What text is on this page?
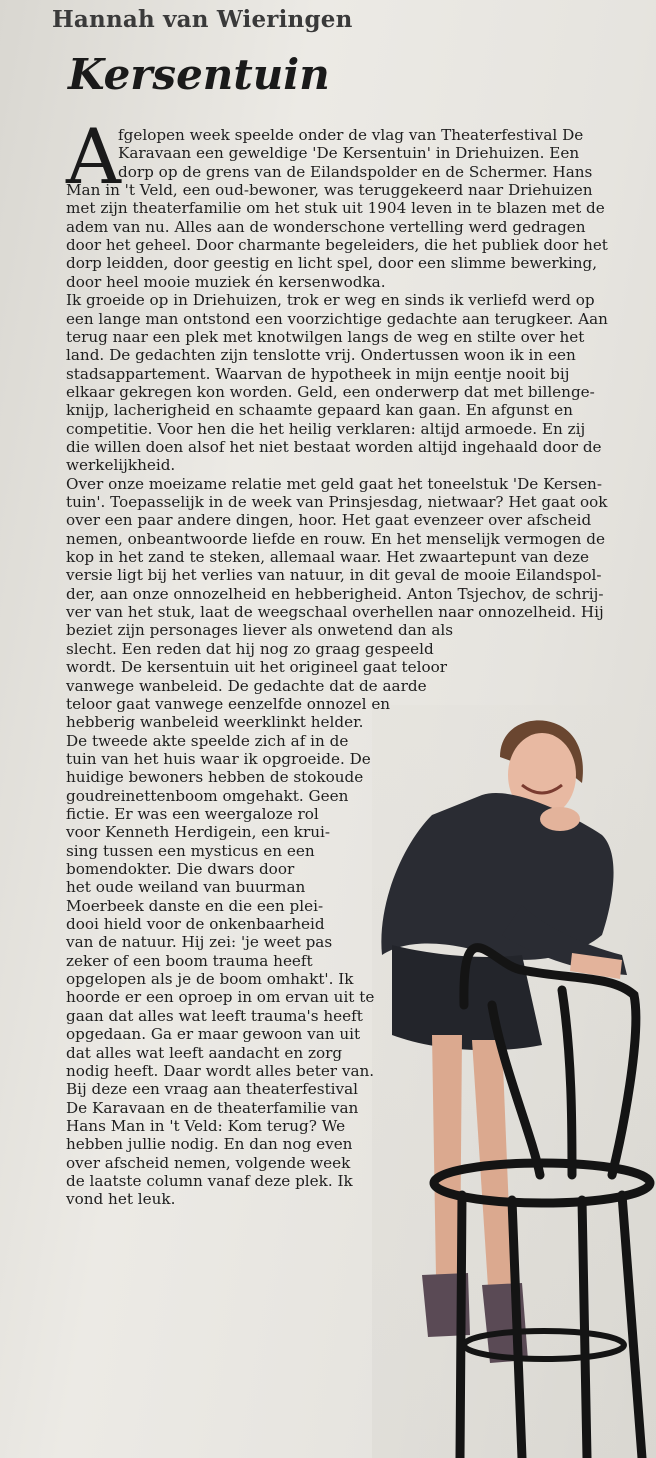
Hannah van Wieringen
Kersentuin
A
fgelopen week speelde onder de vlag van Theaterfestival De
Karavaan een geweldige 'De Kersentuin' in Driehuizen. Een
dorp op de grens van de Eilandspolder en de Schermer. Hans
Man in 't Veld, een oud-bewoner, was teruggekeerd naar Driehuizen
met zijn theaterfamilie om het stuk uit 1904 leven in te blazen met de
adem van nu. Alles aan de wonderschone vertelling werd gedragen
door het geheel. Door charmante begeleiders, die het publiek door het
dorp leidden, door geestig en licht spel, door een slimme bewerking,
door heel mooie muziek én kersenwodka.
Ik groeide op in Driehuizen, trok er weg en sinds ik verliefd werd op
een lange man ontstond een voorzichtige gedachte aan terugkeer. Aan
terug naar een plek met knotwilgen langs de weg en stilte over het
land. De gedachten zijn tenslotte vrij. Ondertussen woon ik in een
stadsappartement. Waarvan de hypotheek in mijn eentje nooit bij
elkaar gekregen kon worden. Geld, een onderwerp dat met billenge-
knijp, lacherigheid en schaamte gepaard kan gaan. En afgunst en
competitie. Voor hen die het heilig verklaren: altijd armoede. En zij
die willen doen alsof het niet bestaat worden altijd ingehaald door de
werkelijkheid.
Over onze moeizame relatie met geld gaat het toneelstuk 'De Kersen-
tuin'. Toepasselijk in de week van Prinsjesdag, nietwaar? Het gaat ook
over een paar andere dingen, hoor. Het gaat evenzeer over afscheid
nemen, onbeantwoorde liefde en rouw. En het menselijk vermogen de
kop in het zand te steken, allemaal waar. Het zwaartepunt van deze
versie ligt bij het verlies van natuur, in dit geval de mooie Eilandspol-
der, aan onze onnozelheid en hebberigheid. Anton Tsjechov, de schrij-
ver van het stuk, laat de weegschaal overhellen naar onnozelheid. Hij
beziet zijn personages liever als onwetend dan als
slecht. Een reden dat hij nog zo graag gespeeld
wordt. De kersentuin uit het origineel gaat teloor
vanwege wanbeleid. De gedachte dat de aarde
teloor gaat vanwege eenzelfde onnozel en
hebberig wanbeleid weerklinkt helder.
De tweede akte speelde zich af in de
tuin van het huis waar ik opgroeide. De
huidige bewoners hebben de stokoude
goudreinettenboom omgehakt. Geen
fictie. Er was een weergaloze rol
voor Kenneth Herdigein, een krui-
sing tussen een mysticus en een
bomendokter. Die dwars door
het oude weiland van buurman
Moerbeek danste en die een plei-
dooi hield voor de onkenbaarheid
van de natuur. Hij zei: 'je weet pas
zeker of een boom trauma heeft
opgelopen als je de boom omhakt'. Ik
hoorde er een oproep in om ervan uit te
gaan dat alles wat leeft trauma's heeft
opgedaan. Ga er maar gewoon van uit
dat alles wat leeft aandacht en zorg
nodig heeft. Daar wordt alles beter van.
Bij deze een vraag aan theaterfestival
De Karavaan en de theaterfamilie van
Hans Man in 't Veld: Kom terug? We
hebben jullie nodig. En dan nog even
over afscheid nemen, volgende week
de laatste column vanaf deze plek. Ik
vond het leuk.
